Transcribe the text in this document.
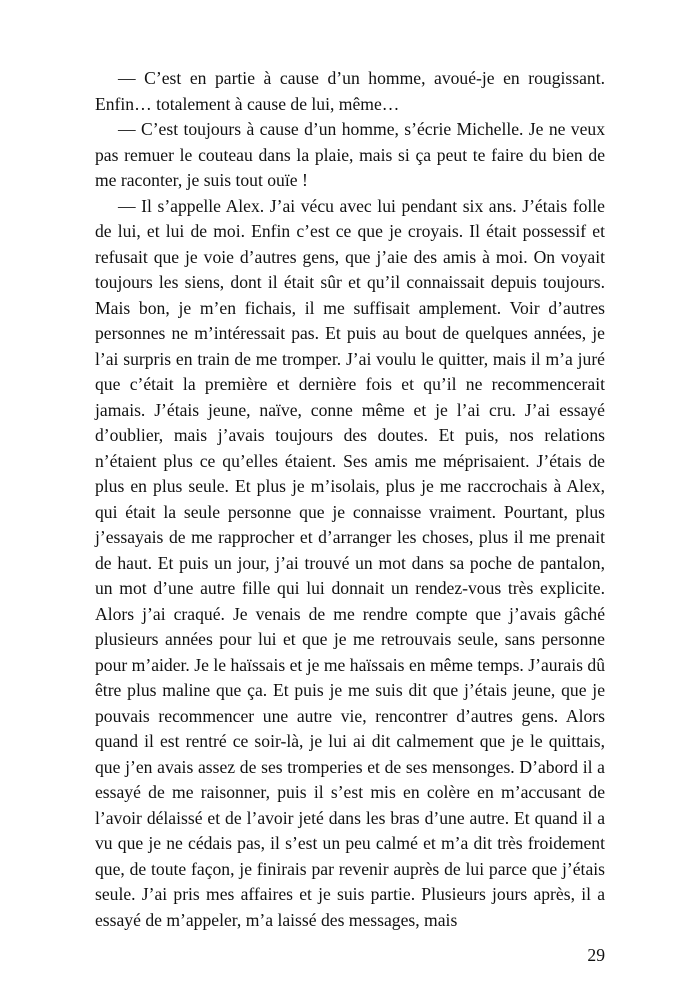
— C’est en partie à cause d’un homme, avoué-je en rougissant. Enfin… totalement à cause de lui, même…

— C’est toujours à cause d’un homme, s’écrie Michelle. Je ne veux pas remuer le couteau dans la plaie, mais si ça peut te faire du bien de me raconter, je suis tout ouïe !

— Il s’appelle Alex. J’ai vécu avec lui pendant six ans. J’étais folle de lui, et lui de moi. Enfin c’est ce que je croyais. Il était possessif et refusait que je voie d’autres gens, que j’aie des amis à moi. On voyait toujours les siens, dont il était sûr et qu’il connaissait depuis toujours. Mais bon, je m’en fichais, il me suffisait amplement. Voir d’autres personnes ne m’intéressait pas. Et puis au bout de quelques années, je l’ai surpris en train de me tromper. J’ai voulu le quitter, mais il m’a juré que c’était la première et dernière fois et qu’il ne recommencerait jamais. J’étais jeune, naïve, conne même et je l’ai cru. J’ai essayé d’oublier, mais j’avais toujours des doutes. Et puis, nos relations n’étaient plus ce qu’elles étaient. Ses amis me méprisaient. J’étais de plus en plus seule. Et plus je m’isolais, plus je me raccrochais à Alex, qui était la seule personne que je connaisse vraiment. Pourtant, plus j’essayais de me rapprocher et d’arranger les choses, plus il me prenait de haut. Et puis un jour, j’ai trouvé un mot dans sa poche de pantalon, un mot d’une autre fille qui lui donnait un rendez-vous très explicite. Alors j’ai craqué. Je venais de me rendre compte que j’avais gâché plusieurs années pour lui et que je me retrouvais seule, sans personne pour m’aider. Je le haïssais et je me haïssais en même temps. J’aurais dû être plus maline que ça. Et puis je me suis dit que j’étais jeune, que je pouvais recommencer une autre vie, rencontrer d’autres gens. Alors quand il est rentré ce soir-là, je lui ai dit calmement que je le quittais, que j’en avais assez de ses tromperies et de ses mensonges. D’abord il a essayé de me raisonner, puis il s’est mis en colère en m’accusant de l’avoir délaissé et de l’avoir jeté dans les bras d’une autre. Et quand il a vu que je ne cédais pas, il s’est un peu calmé et m’a dit très froidement que, de toute façon, je finirais par revenir auprès de lui parce que j’étais seule. J’ai pris mes affaires et je suis partie. Plusieurs jours après, il a essayé de m’appeler, m’a laissé des messages, mais

29
